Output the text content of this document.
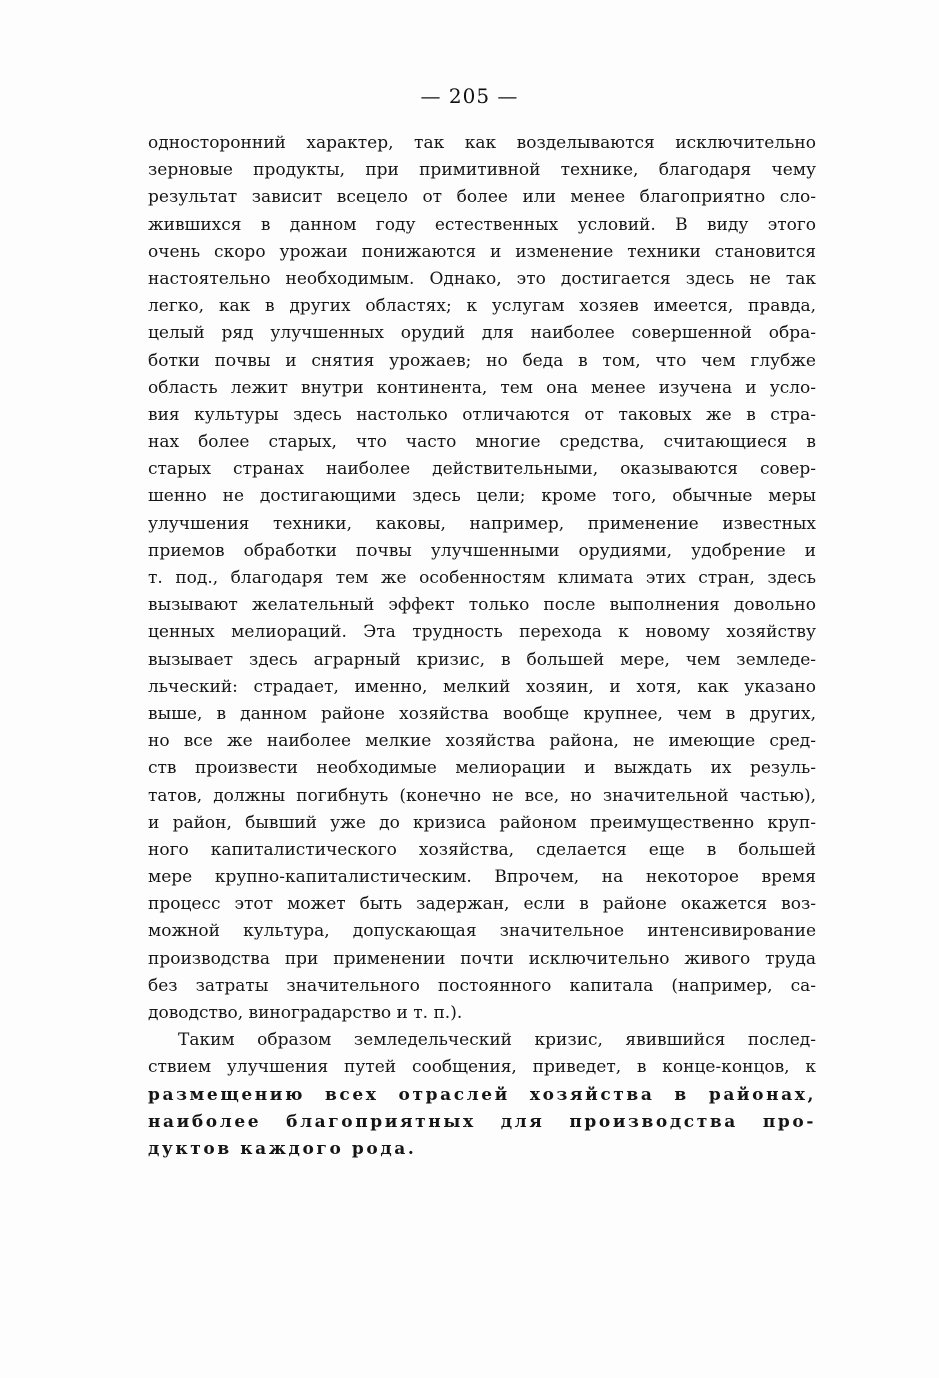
— 205 —
односторонний характер, так как возделываются исключительно
зерновые продукты, при примитивной технике, благодаря чему
результат зависит всецело от более или менее благоприятно сло-
жившихся в данном году естественных условий. В виду этого
очень скоро урожаи понижаются и изменение техники становится
настоятельно необходимым. Однако, это достигается здесь не так
легко, как в других областях; к услугам хозяев имеется, правда,
целый ряд улучшенных орудий для наиболее совершенной обра-
ботки почвы и снятия урожаев; но беда в том, что чем глубже
область лежит внутри континента, тем она менее изучена и усло-
вия культуры здесь настолько отличаются от таковых же в стра-
нах более старых, что часто многие средства, считающиеся в
старых странах наиболее действительными, оказываются совер-
шенно не достигающими здесь цели; кроме того, обычные меры
улучшения техники, каковы, например, применение известных
приемов обработки почвы улучшенными орудиями, удобрение и
т. под., благодаря тем же особенностям климата этих стран, здесь
вызывают желательный эффект только после выполнения довольно
ценных мелиораций. Эта трудность перехода к новому хозяйству
вызывает здесь аграрный кризис, в большей мере, чем земледе-
льческий: страдает, именно, мелкий хозяин, и хотя, как указано
выше, в данном районе хозяйства вообще крупнее, чем в других,
но все же наиболее мелкие хозяйства района, не имеющие сред-
ств произвести необходимые мелиорации и выждать их резуль-
татов, должны погибнуть (конечно не все, но значительной частью),
и район, бывший уже до кризиса районом преимущественно круп-
ного капиталистического хозяйства, сделается еще в большей
мере крупно-капиталистическим. Впрочем, на некоторое время
процесс этот может быть задержан, если в районе окажется воз-
можной культура, допускающая значительное интенсивирование
производства при применении почти исключительно живого труда
без затраты значительного постоянного капитала (например, са-
доводство, виноградарство и т. п.).
Таким образом земледельческий кризис, явившийся послед-
ствием улучшения путей сообщения, приведет, в конце-концов, к
размещению всех отраслей хозяйства в районах,
наиболее благоприятных для производства про-
дуктов каждого рода.
